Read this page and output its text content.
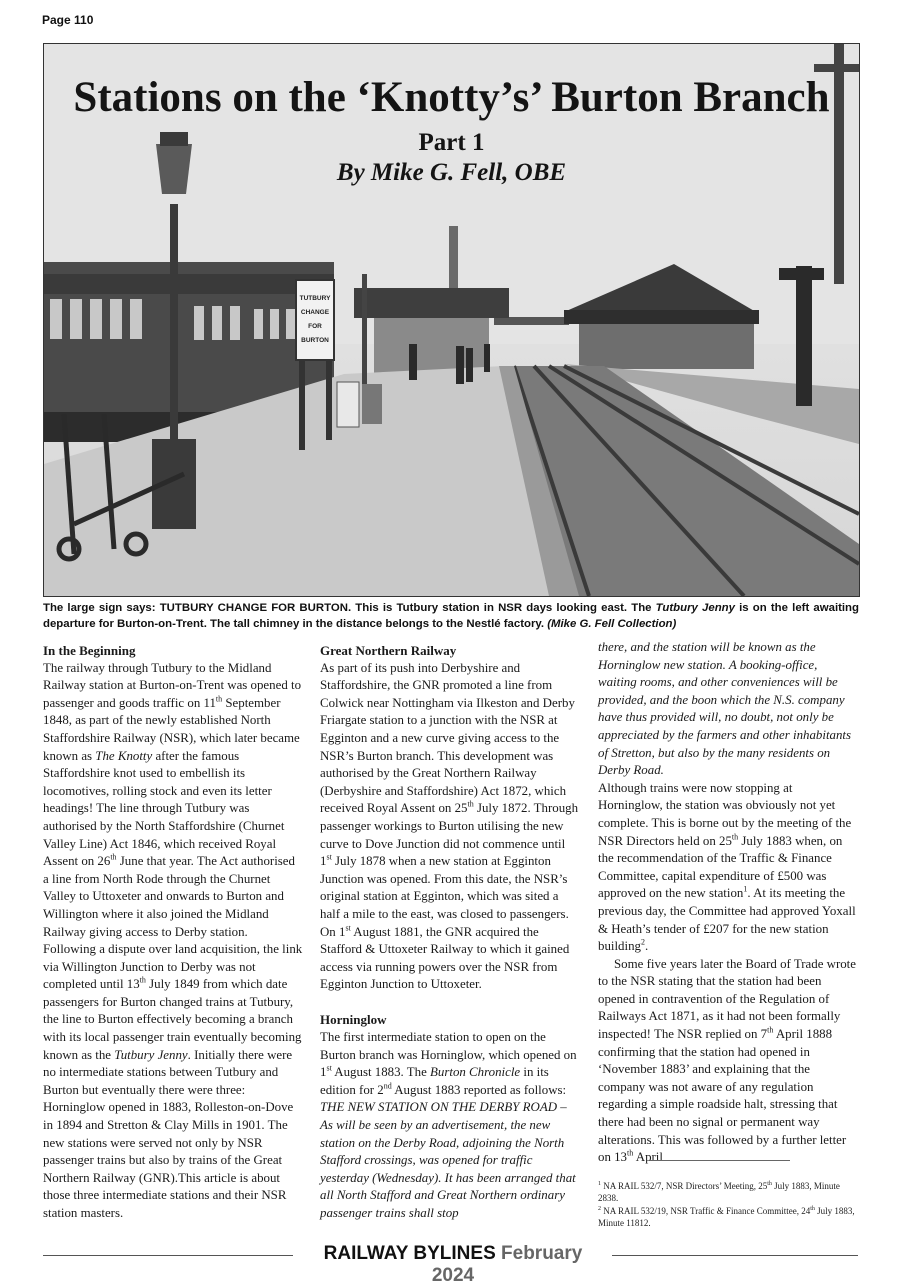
Page 110
TUTBURY
CHANGE
FOR
BURTON
Stations on the ‘Knotty’s’ Burton Branch
Part 1
By Mike G. Fell, OBE
The large sign says: TUTBURY CHANGE FOR BURTON. This is Tutbury station in NSR days looking east. The Tutbury Jenny is on the left awaiting departure for Burton-on-Trent. The tall chimney in the distance belongs to the Nestlé factory. (Mike G. Fell Collection)
In the Beginning

The railway through Tutbury to the Midland Railway station at Burton-on-Trent was opened to passenger and goods traffic on 11th September 1848, as part of the newly established North Staffordshire Railway (NSR), which later became known as The Knotty after the famous Staffordshire knot used to embellish its locomotives, rolling stock and even its letter headings! The line through Tutbury was authorised by the North Staffordshire (Churnet Valley Line) Act 1846, which received Royal Assent on 26th June that year. The Act authorised a line from North Rode through the Churnet Valley to Uttoxeter and onwards to Burton and Willington where it also joined the Midland Railway giving access to Derby station. Following a dispute over land acquisition, the link via Willington Junction to Derby was not completed until 13th July 1849 from which date passengers for Burton changed trains at Tutbury, the line to Burton effectively becoming a branch with its local passenger train eventually becoming known as the Tutbury Jenny. Initially there were no intermediate stations between Tutbury and Burton but eventually there were three: Horninglow opened in 1883, Rolleston-on-Dove in 1894 and Stretton & Clay Mills in 1901. The new stations were served not only by NSR passenger trains but also by trains of the Great Northern Railway (GNR).This article is about those three intermediate stations and their NSR station masters.

Great Northern Railway

As part of its push into Derbyshire and Staffordshire, the GNR promoted a line from Colwick near Nottingham via Ilkeston and Derby Friargate station to a junction with the NSR at Egginton and a new curve giving access to the NSR’s Burton branch. This development was authorised by the Great Northern Railway (Derbyshire and Staffordshire) Act 1872, which received Royal Assent on 25th July 1872. Through passenger workings to Burton utilising the new curve to Dove Junction did not commence until 1st July 1878 when a new station at Egginton Junction was opened. From this date, the NSR’s original station at Egginton, which was sited a half a mile to the east, was closed to passengers. On 1st August 1881, the GNR acquired the Stafford & Uttoxeter Railway to which it gained access via running powers over the NSR from Egginton Junction to Uttoxeter.

Horninglow

The first intermediate station to open on the Burton branch was Horninglow, which opened on 1st August 1883. The Burton Chronicle in its edition for 2nd August 1883 reported as follows: THE NEW STATION ON THE DERBY ROAD – As will be seen by an advertisement, the new station on the Derby Road, adjoining the North Stafford crossings, was opened for traffic yesterday (Wednesday). It has been arranged that all North Stafford and Great Northern ordinary passenger trains shall stop

there, and the station will be known as the Horninglow new station. A booking-office, waiting rooms, and other conveniences will be provided, and the boon which the N.S. company have thus provided will, no doubt, not only be appreciated by the farmers and other inhabitants of Stretton, but also by the many residents on Derby Road.

Although trains were now stopping at Horninglow, the station was obviously not yet complete. This is borne out by the meeting of the NSR Directors held on 25th July 1883 when, on the recommendation of the Traffic & Finance Committee, capital expenditure of £500 was approved on the new station$^1$. At its meeting the previous day, the Committee had approved Yoxall & Heath’s tender of £207 for the new station building$^2$.

Some five years later the Board of Trade wrote to the NSR stating that the station had been opened in contravention of the Regulation of Railways Act 1871, as it had not been formally inspected! The NSR replied on 7th April 1888 confirming that the station had opened in ‘November 1883’ and explaining that the company was not aware of any regulation regarding a simple roadside halt, stressing that there had been no signal or permanent way alterations. This was followed by a further letter on 13th April

$^1$ NA RAIL 532/7, NSR Directors’ Meeting, 25th July 1883, Minute 2838.

$^2$ NA RAIL 532/19, NSR Traffic & Finance Committee, 24th July 1883, Minute 11812.

RAILWAY BYLINES February 2024
